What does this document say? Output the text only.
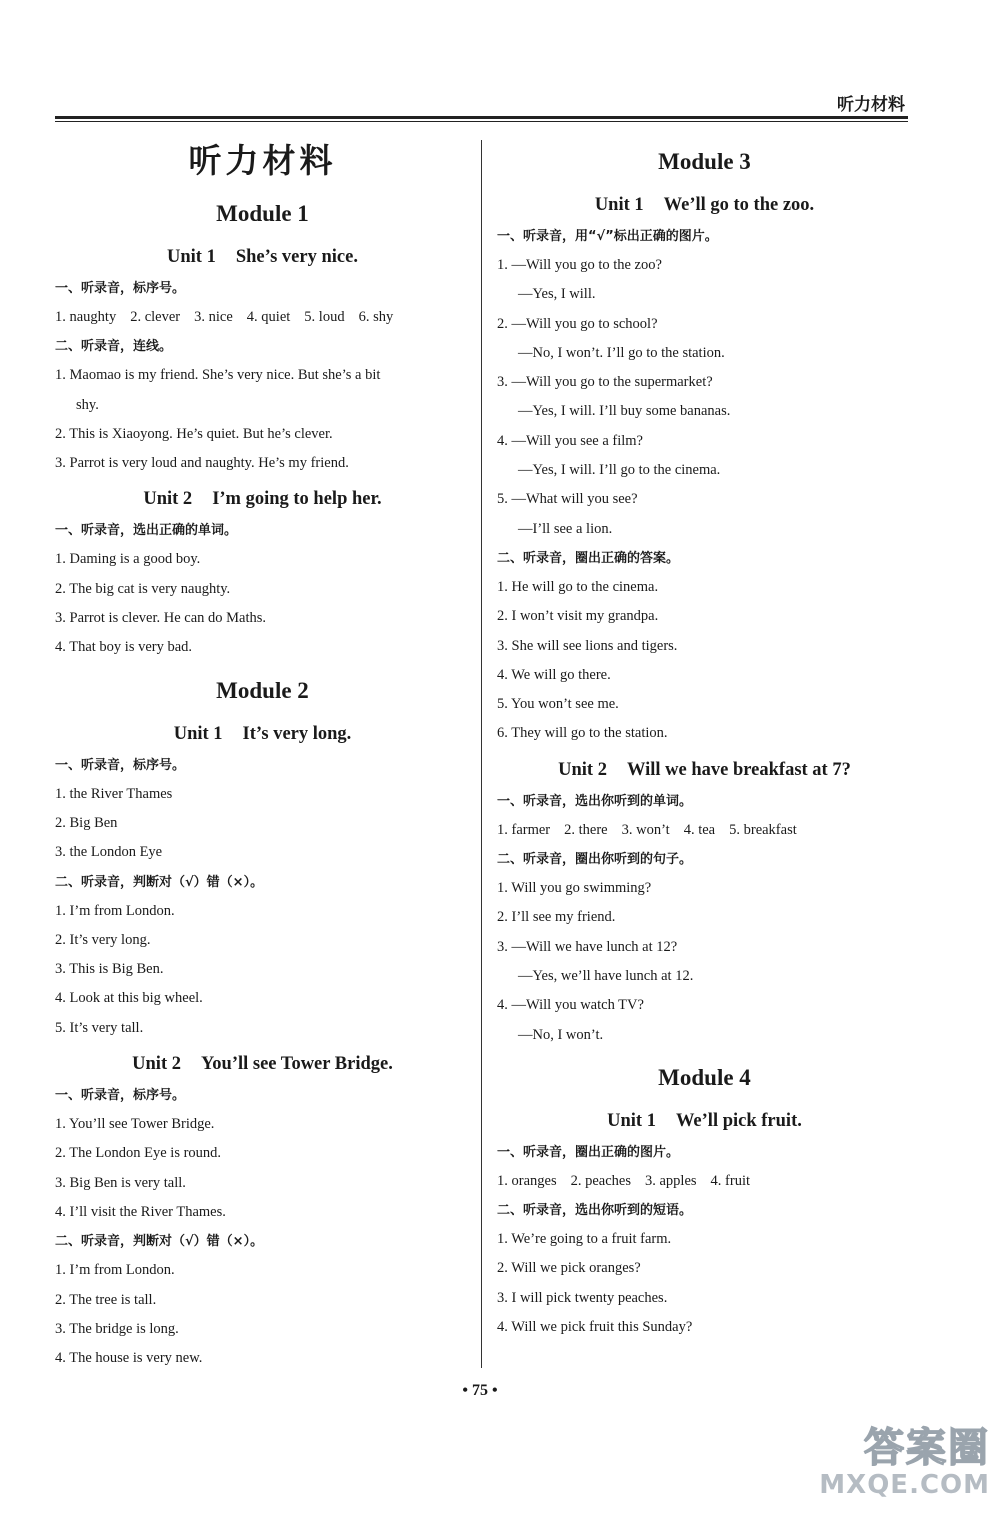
听力材料
听力材料
Module 1
Unit 1 She’s very nice.
一、听录音，标序号。
1. naughty 2. clever 3. nice 4. quiet 5. loud 6. shy
二、听录音，连线。
1. Maomao is my friend. She’s very nice. But she’s a bit
shy.
2. This is Xiaoyong. He’s quiet. But he’s clever.
3. Parrot is very loud and naughty. He’s my friend.
Unit 2 I’m going to help her.
一、听录音，选出正确的单词。
1. Daming is a good boy.
2. The big cat is very naughty.
3. Parrot is clever. He can do Maths.
4. That boy is very bad.
Module 2
Unit 1 It’s very long.
一、听录音，标序号。
1. the River Thames
2. Big Ben
3. the London Eye
二、听录音，判断对（√）错（×）。
1. I’m from London.
2. It’s very long.
3. This is Big Ben.
4. Look at this big wheel.
5. It’s very tall.
Unit 2 You’ll see Tower Bridge.
一、听录音，标序号。
1. You’ll see Tower Bridge.
2. The London Eye is round.
3. Big Ben is very tall.
4. I’ll visit the River Thames.
二、听录音，判断对（√）错（×）。
1. I’m from London.
2. The tree is tall.
3. The bridge is long.
4. The house is very new.
Module 3
Unit 1 We’ll go to the zoo.
一、听录音，用“√”标出正确的图片。
1. —Will you go to the zoo?
—Yes, I will.
2. —Will you go to school?
—No, I won’t. I’ll go to the station.
3. —Will you go to the supermarket?
—Yes, I will. I’ll buy some bananas.
4. —Will you see a film?
—Yes, I will. I’ll go to the cinema.
5. —What will you see?
—I’ll see a lion.
二、听录音，圈出正确的答案。
1. He will go to the cinema.
2. I won’t visit my grandpa.
3. She will see lions and tigers.
4. We will go there.
5. You won’t see me.
6. They will go to the station.
Unit 2 Will we have breakfast at 7?
一、听录音，选出你听到的单词。
1. farmer 2. there 3. won’t 4. tea 5. breakfast
二、听录音，圈出你听到的句子。
1. Will you go swimming?
2. I’ll see my friend.
3. —Will we have lunch at 12?
—Yes, we’ll have lunch at 12.
4. —Will you watch TV?
—No, I won’t.
Module 4
Unit 1 We’ll pick fruit.
一、听录音，圈出正确的图片。
1. oranges 2. peaches 3. apples 4. fruit
二、听录音，选出你听到的短语。
1. We’re going to a fruit farm.
2. Will we pick oranges?
3. I will pick twenty peaches.
4. Will we pick fruit this Sunday?
• 75 •
答案圈
MXQE.COM
